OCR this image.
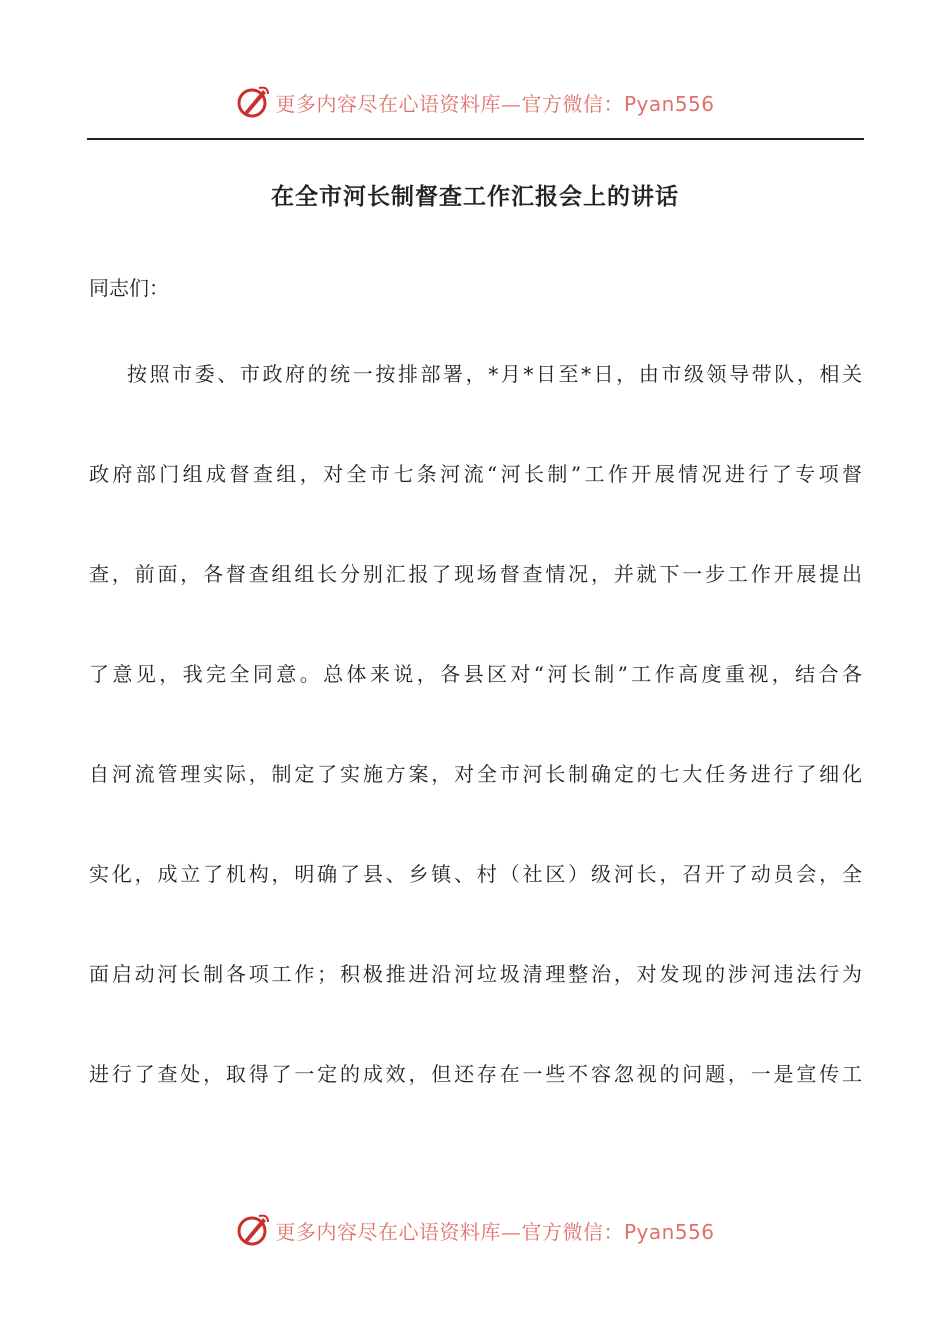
更多内容尽在心语资料库—官方微信：Pyan556
在全市河长制督查工作汇报会上的讲话
同志们：
按照市委、市政府的统一按排部署，*月*日至*日，由市级领导带队，相关
政府部门组成督查组，对全市七条河流“河长制”工作开展情况进行了专项督
查，前面，各督查组组长分别汇报了现场督查情况，并就下一步工作开展提出
了意见，我完全同意。总体来说，各县区对“河长制”工作高度重视，结合各
自河流管理实际，制定了实施方案，对全市河长制确定的七大任务进行了细化
实化，成立了机构，明确了县、乡镇、村（社区）级河长，召开了动员会，全
面启动河长制各项工作；积极推进沿河垃圾清理整治，对发现的涉河违法行为
进行了查处，取得了一定的成效，但还存在一些不容忽视的问题，一是宣传工
更多内容尽在心语资料库—官方微信：Pyan556
